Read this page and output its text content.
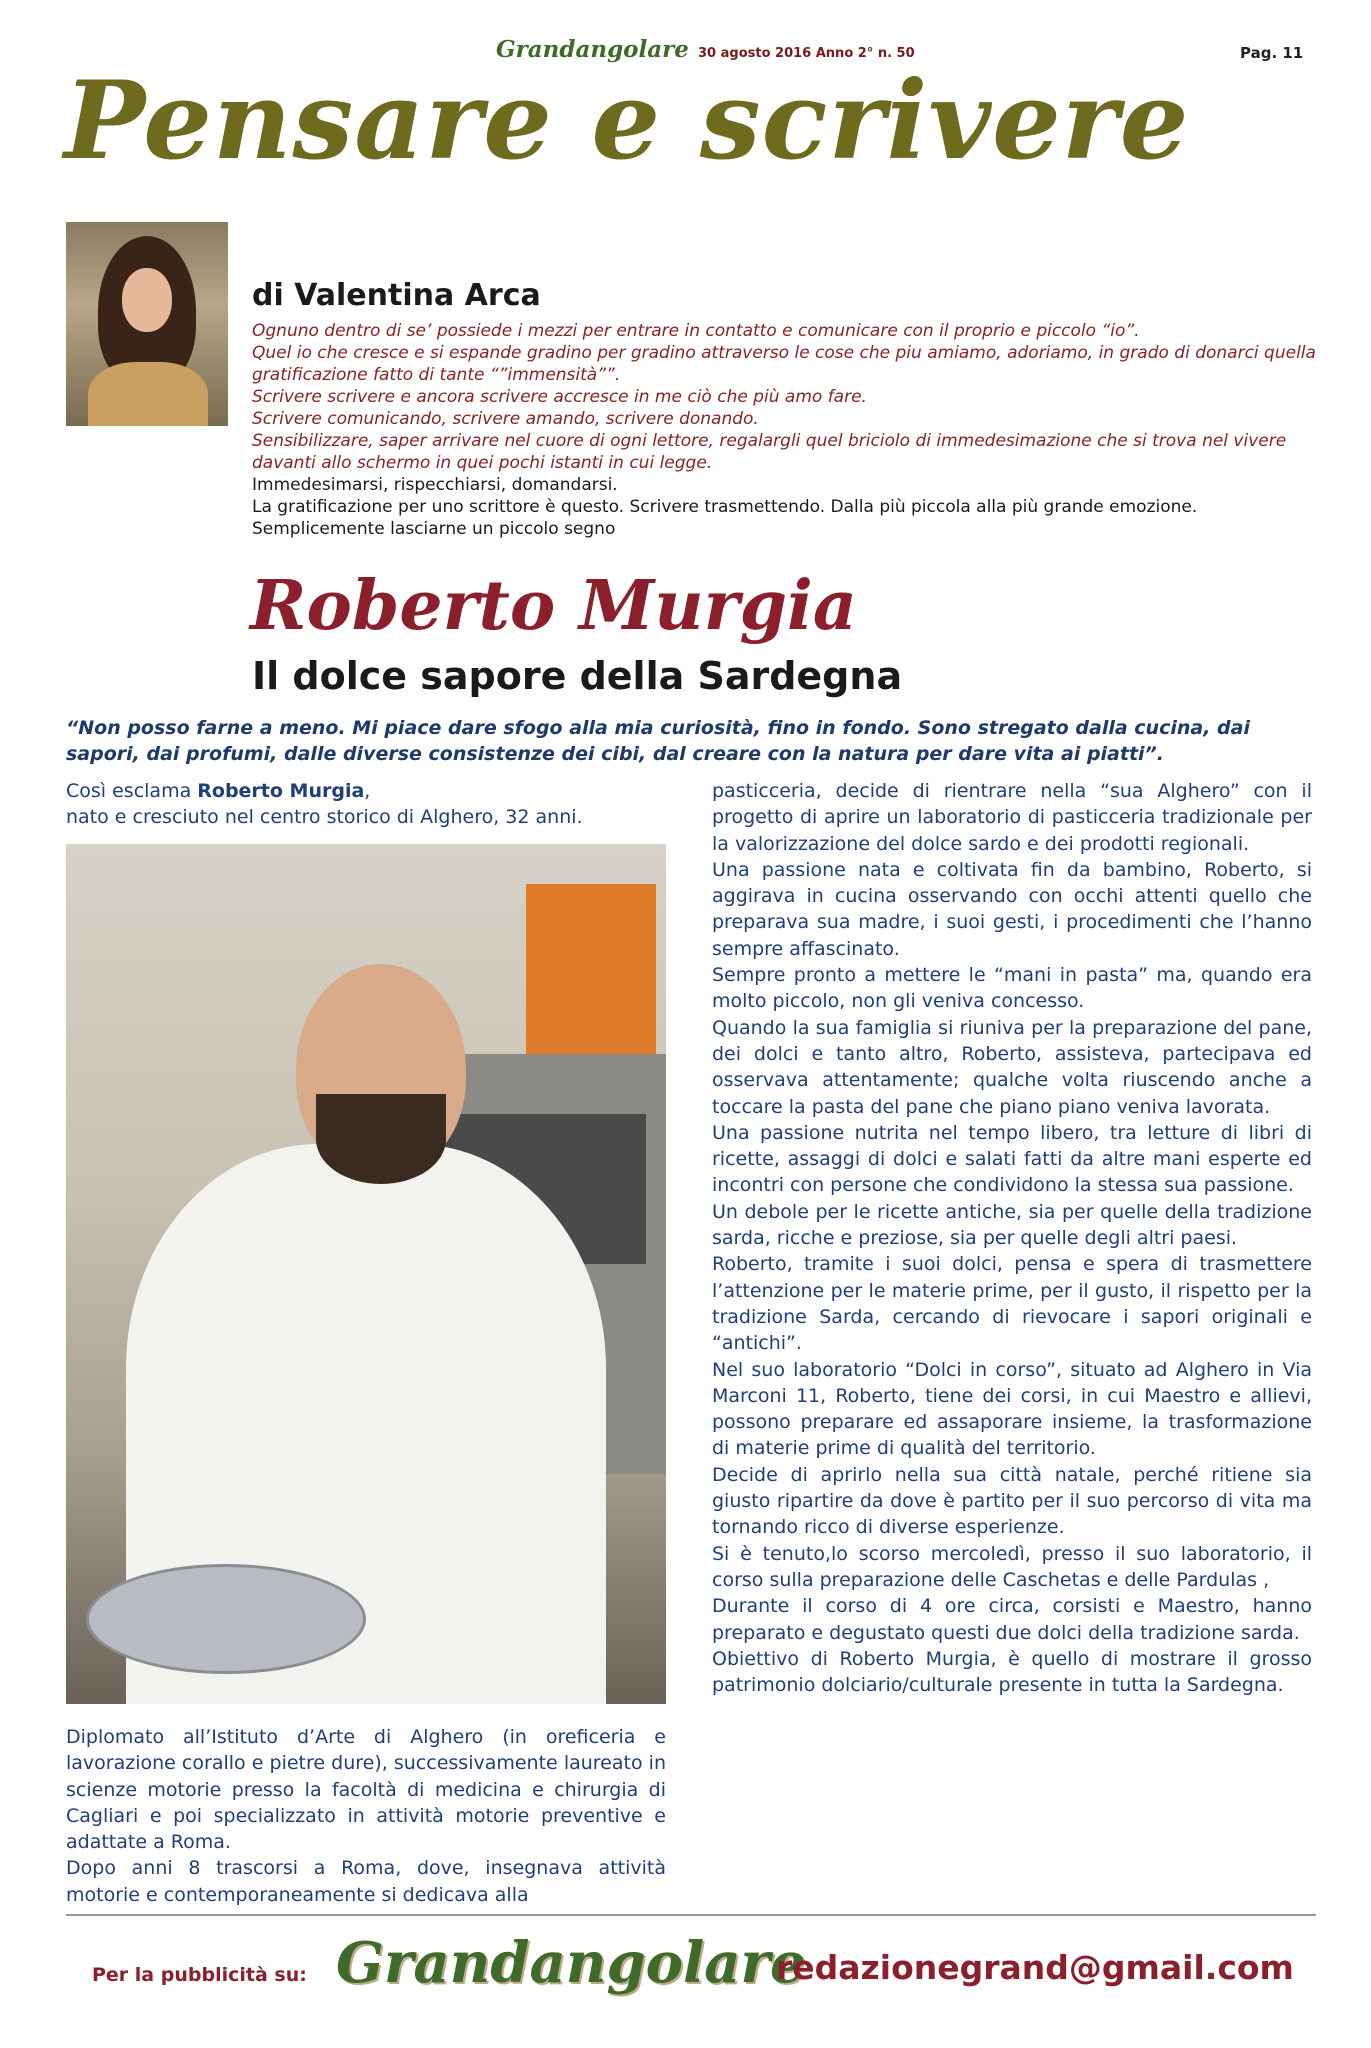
Grandangolare 30 agosto 2016 Anno 2° n. 50	Pag. 11
Pensare e scrivere
di Valentina Arca
Ognuno dentro di se’ possiede i mezzi per entrare in contatto e comunicare con il proprio e piccolo “io”.
Quel io che cresce e si espande gradino per gradino attraverso le cose che piu amiamo, adoriamo, in grado di donarci quella gratificazione fatto di tante “”immensità””.
Scrivere scrivere e ancora scrivere accresce in me ciò che più amo fare.
Scrivere comunicando, scrivere amando, scrivere donando.
Sensibilizzare, saper arrivare nel cuore di ogni lettore, regalargli quel briciolo di immedesimazione che si trova nel vivere davanti allo schermo in quei pochi istanti in cui legge.
Immedesimarsi, rispecchiarsi, domandarsi.
La gratificazione per uno scrittore è questo. Scrivere trasmettendo. Dalla più piccola alla più grande emozione.
Semplicemente lasciarne un piccolo segno
Roberto Murgia
Il dolce sapore della Sardegna
“Non posso farne a meno. Mi piace dare sfogo alla mia curiosità, fino in fondo. Sono stregato dalla cucina, dai sapori, dai profumi, dalle diverse consistenze dei cibi, dal creare con la natura per dare vita ai piatti”.

Così esclama Roberto Murgia,

nato e cresciuto nel centro storico di Alghero, 32 anni.

Diplomato all’Istituto d’Arte di Alghero (in oreficeria e lavorazione corallo e pietre dure), successivamente laureato in scienze motorie presso la facoltà di medicina e chirurgia di Cagliari e poi specializzato in attività motorie preventive e adattate a Roma.

Dopo anni 8 trascorsi a Roma, dove, insegnava attività motorie e contemporaneamente si dedicava alla

pasticceria, decide di rientrare nella “sua Alghero” con il progetto di aprire un laboratorio di pasticceria tradizionale per la valorizzazione del dolce sardo e dei prodotti regionali.

Una passione nata e coltivata fin da bambino, Roberto, si aggirava in cucina osservando con occhi attenti quello che preparava sua madre, i suoi gesti, i procedimenti che l’hanno sempre affascinato.

Sempre pronto a mettere le “mani in pasta” ma, quando era molto piccolo, non gli veniva concesso.

Quando la sua famiglia si riuniva per la preparazione del pane, dei dolci e tanto altro, Roberto, assisteva, partecipava ed osservava attentamente; qualche volta riuscendo anche a toccare la pasta del pane che piano piano veniva lavorata.

Una passione nutrita nel tempo libero, tra letture di libri di ricette, assaggi di dolci e salati fatti da altre mani esperte ed incontri con persone che condividono la stessa sua passione.

Un debole per le ricette antiche, sia per quelle della tradizione sarda, ricche e preziose, sia per quelle degli altri paesi.

Roberto, tramite i suoi dolci, pensa e spera di trasmettere l’attenzione per le materie prime, per il gusto, il rispetto per la tradizione Sarda, cercando di rievocare i sapori originali e “antichi”.

Nel suo laboratorio “Dolci in corso”, situato ad Alghero in Via Marconi 11, Roberto, tiene dei corsi, in cui Maestro e allievi, possono preparare ed assaporare insieme, la trasformazione di materie prime di qualità del territorio.

Decide di aprirlo nella sua città natale, perché ritiene sia giusto ripartire da dove è partito per il suo percorso di vita ma tornando ricco di diverse esperienze.

Si è tenuto,lo scorso mercoledì, presso il suo laboratorio, il corso sulla preparazione delle Caschetas e delle Pardulas ,

Durante il corso di 4 ore circa, corsisti e Maestro, hanno preparato e degustato questi due dolci della tradizione sarda.

Obiettivo di Roberto Murgia, è quello di mostrare il grosso patrimonio dolciario/culturale presente in tutta la Sardegna.

Per la pubblicità su: Grandangolare
redazionegrand@gmail.com
